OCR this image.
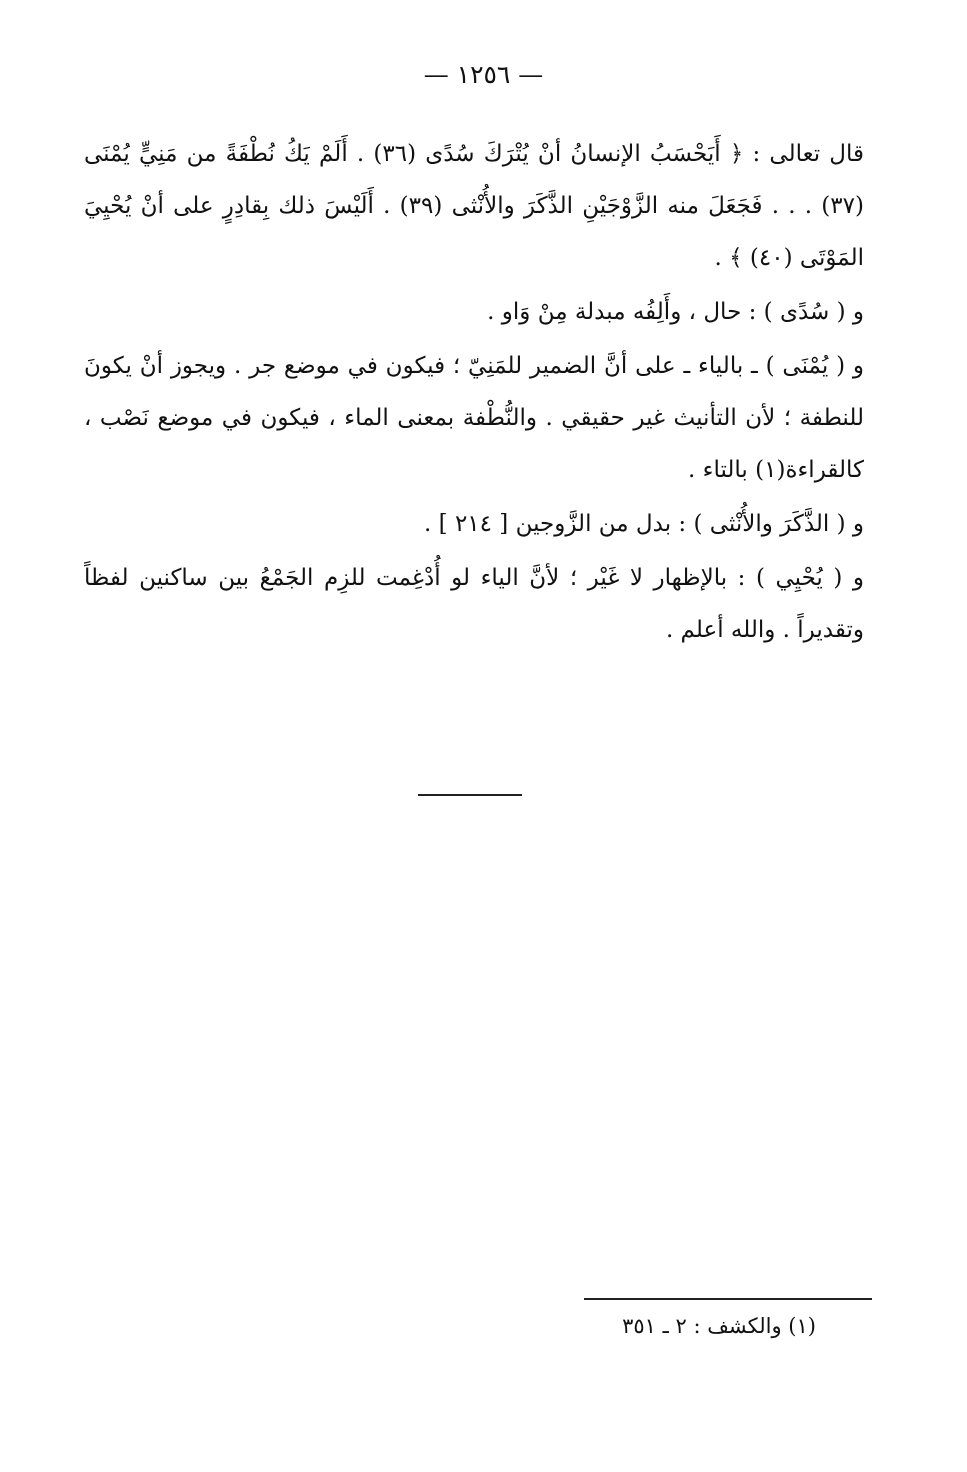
— ١٢٥٦ —

قال تعالى : ﴿ أَيَحْسَبُ الإنسانُ أنْ يُتْرَكَ سُدًى (٣٦) . أَلَمْ يَكُ نُطْفَةً من مَنِيٍّ يُمْنَى (٣٧) . . . فَجَعَلَ منه الزَّوْجَيْنِ الذَّكَرَ والأُنْثى (٣٩) . أَلَيْسَ ذلك بِقادِرٍ على أنْ يُحْيِيَ المَوْتَى (٤٠) ﴾ .

و ( سُدًى ) : حال ، وأَلِفُه مبدلة مِنْ وَاو .

و ( يُمْنَى ) ـ بالياء ـ على أنَّ الضمير للمَنِيّ ؛ فيكون في موضع جر . ويجوز أنْ يكونَ للنطفة ؛ لأن التأنيث غير حقيقي . والنُّطْفة بمعنى الماء ، فيكون في موضع نَصْب ، كالقراءة(١) بالتاء .

و ( الذَّكَرَ والأُنْثى ) : بدل من الزَّوجين [ ٢١٤ ] .

و ( يُحْيِي ) : بالإظهار لا غَيْر ؛ لأنَّ الياء لو أُدْغِمت للزِم الجَمْعُ بين ساكنين لفظاً وتقديراً . والله أعلم .

(١) والكشف : ٢ ـ ٣٥١
